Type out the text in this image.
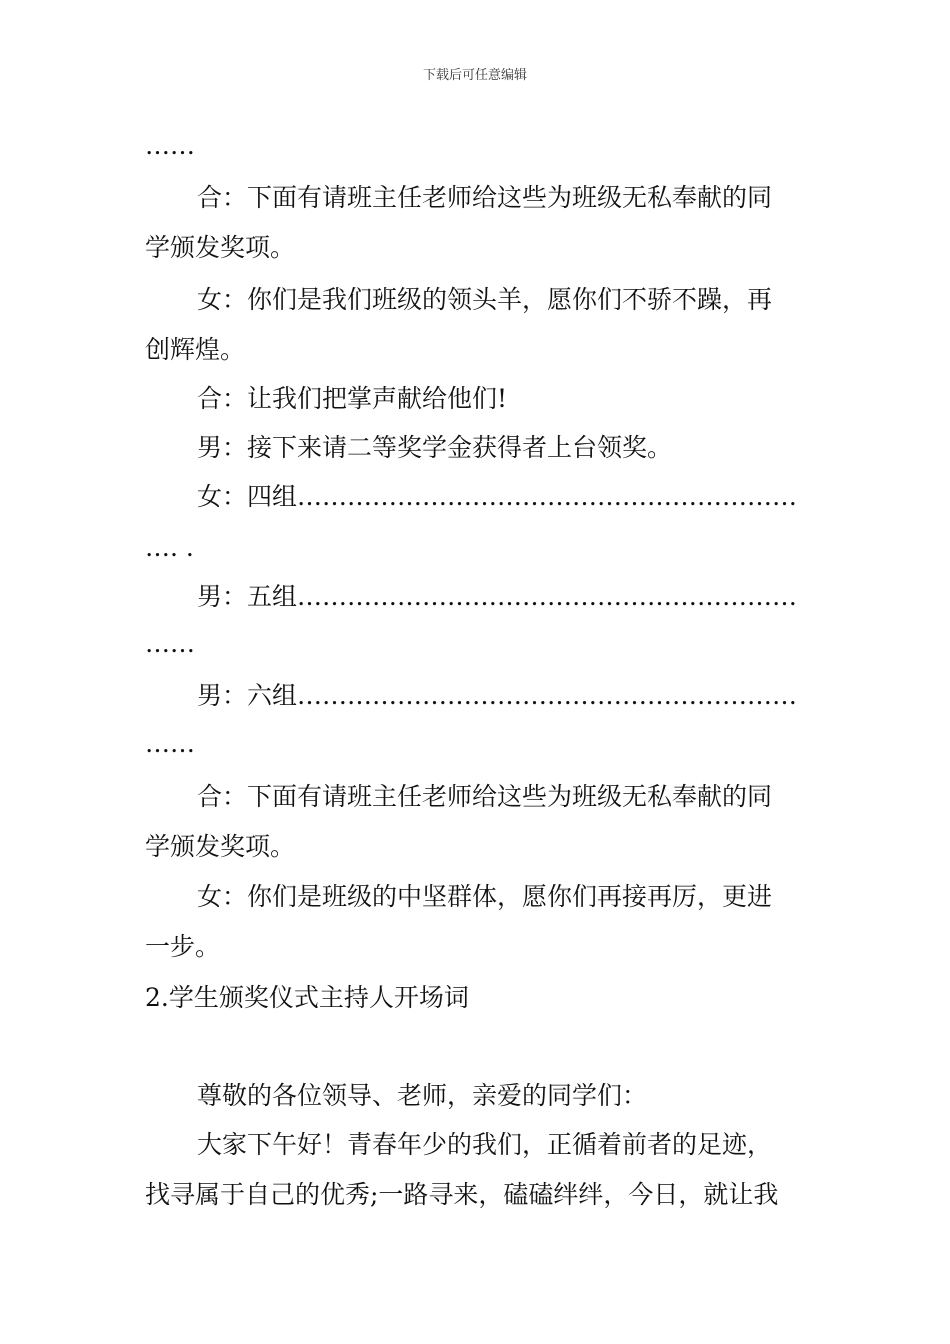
下载后可任意编辑
……
合：下面有请班主任老师给这些为班级无私奉献的同
学颁发奖项。
女：你们是我们班级的领头羊，愿你们不骄不躁，再
创辉煌。
合：让我们把掌声献给他们!
男：接下来请二等奖学金获得者上台领奖。
女：四组……………………………………………………
…. .
男：五组……………………………………………………
……
男：六组……………………………………………………
……
合：下面有请班主任老师给这些为班级无私奉献的同
学颁发奖项。
女：你们是班级的中坚群体，愿你们再接再厉，更进
一步。
2.学生颁奖仪式主持人开场词
尊敬的各位领导、老师，亲爱的同学们：
大家下午好！青春年少的我们，正循着前者的足迹，
找寻属于自己的优秀;一路寻来，磕磕绊绊，今日，就让我
